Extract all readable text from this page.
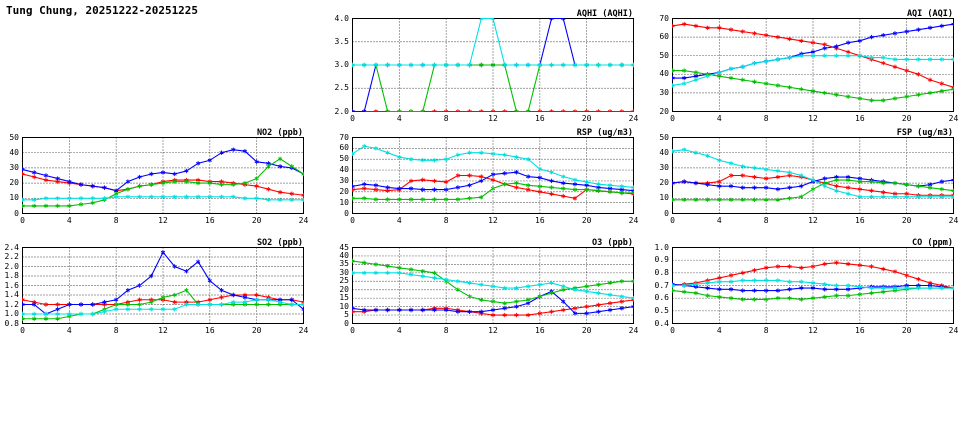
Tung Chung, 20251222-20251225	AQHI (AQHI)
2.0
2.5
3.0
3.5
4.0
0	4	8	12	16	20	24
AQI (AQI)
20
30
40
50
60
70
0	4	8	12	16	20	24
NO2 (ppb)
0
10
20
30
40
50
0	4	8	12	16	20	24
RSP (ug/m3)
0
10
20
30
40
50
60
70
0	4	8	12	16	20	24
FSP (ug/m3)
0
10
20
30
40
50
0	4	8	12	16	20	24
SO2 (ppb)
0.8
1.0
1.2
1.4
1.6
1.8
2.0
2.2
2.4
0	4	8	12	16	20	24
O3 (ppb)
0
5
10
15
20
25
30
35
40
45
0	4	8	12	16	20	24
CO (ppm)
0.4
0.5
0.6
0.7
0.8
0.9
1.0
0	4	8	12	16	20	24
